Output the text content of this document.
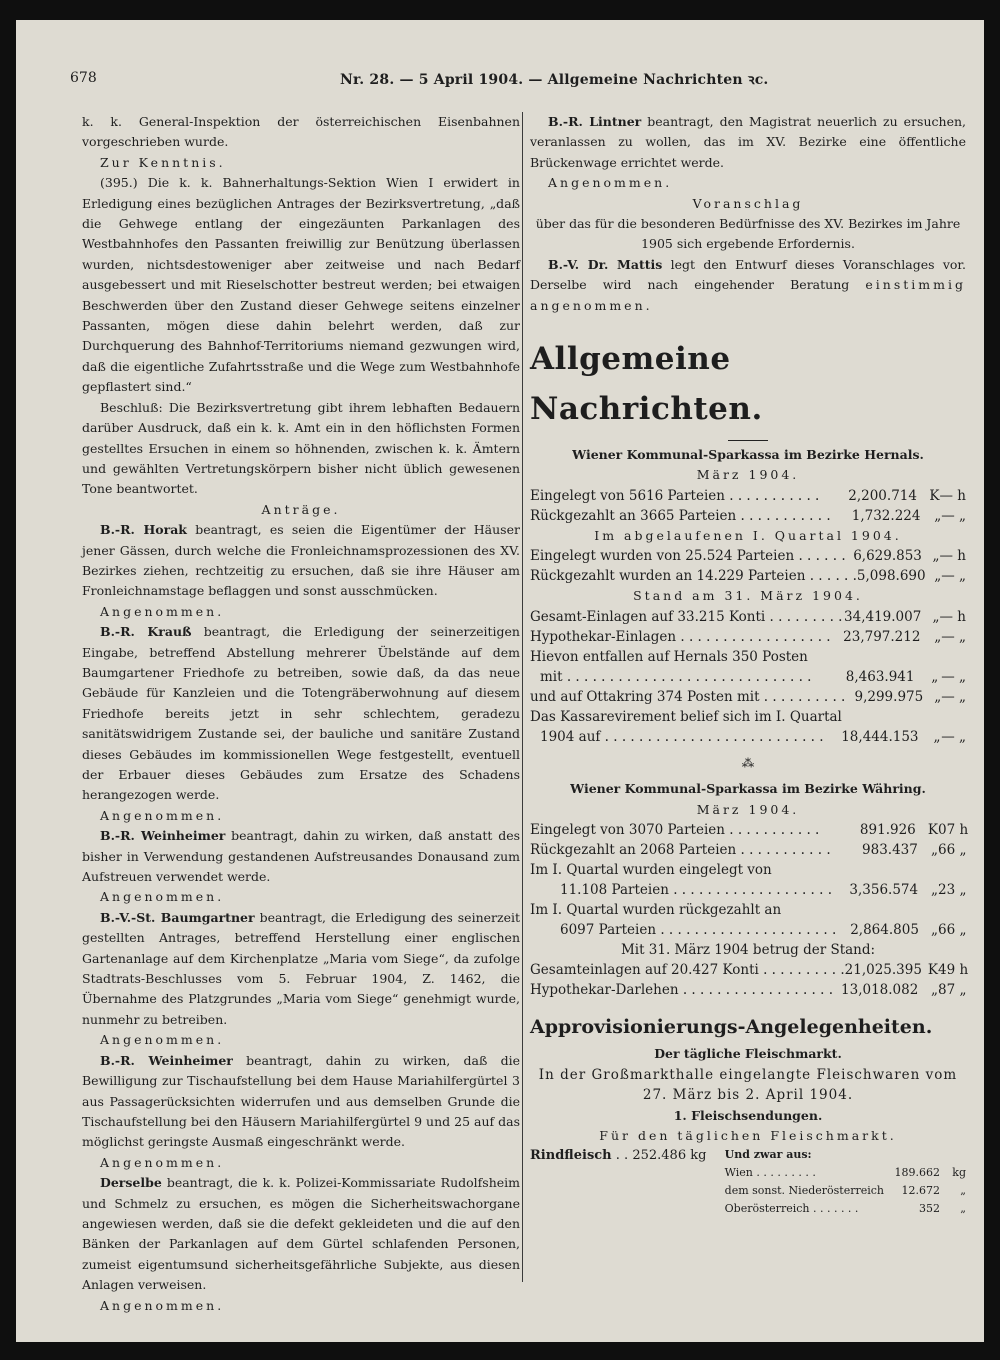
678	Nr. 28. — 5 April 1904. — Allgemeine Nachrichten ꝛc.

k. k. General-Inspektion der österreichischen Eisenbahnen vorgeschrieben wurde.

Zur Kenntnis.

(395.) Die k. k. Bahnerhaltungs-Sektion Wien I erwidert in Erledigung eines bezüglichen Antrages der Bezirksvertretung, „daß die Gehwege entlang der eingezäunten Parkanlagen des Westbahnhofes den Passanten freiwillig zur Benützung überlassen wurden, nichtsdestoweniger aber zeitweise und nach Bedarf ausgebessert und mit Rieselschotter bestreut werden; bei etwaigen Beschwerden über den Zustand dieser Gehwege seitens einzelner Passanten, mögen diese dahin belehrt werden, daß zur Durchquerung des Bahnhof-Territoriums niemand gezwungen wird, daß die eigentliche Zufahrtsstraße und die Wege zum Westbahnhofe gepflastert sind.“

Beschluß: Die Bezirksvertretung gibt ihrem lebhaften Bedauern darüber Ausdruck, daß ein k. k. Amt ein in den höflichsten Formen gestelltes Ersuchen in einem so höhnenden, zwischen k. k. Ämtern und gewählten Vertretungskörpern bisher nicht üblich gewesenen Tone beantwortet.

Anträge.

B.-R. Horak beantragt, es seien die Eigentümer der Häuser jener Gässen, durch welche die Fronleichnamsprozessionen des XV. Bezirkes ziehen, rechtzeitig zu ersuchen, daß sie ihre Häuser am Fronleichnamstage beflaggen und sonst ausschmücken.

Angenommen.

B.-R. Krauß beantragt, die Erledigung der seinerzeitigen Eingabe, betreffend Abstellung mehrerer Übelstände auf dem Baumgartener Friedhofe zu betreiben, sowie daß, da das neue Gebäude für Kanzleien und die Totengräberwohnung auf diesem Friedhofe bereits jetzt in sehr schlechtem, geradezu sanitätswidrigem Zustande sei, der bauliche und sanitäre Zustand dieses Gebäudes im kommissionellen Wege festgestellt, eventuell der Erbauer dieses Gebäudes zum Ersatze des Schadens herangezogen werde.

Angenommen.

B.-R. Weinheimer beantragt, dahin zu wirken, daß anstatt des bisher in Verwendung gestandenen Aufstreusandes Donausand zum Aufstreuen verwendet werde.

Angenommen.

B.-V.-St. Baumgartner beantragt, die Erledigung des seinerzeit gestellten Antrages, betreffend Herstellung einer englischen Gartenanlage auf dem Kirchenplatze „Maria vom Siege“, da zufolge Stadtrats-Beschlusses vom 5. Februar 1904, Z. 1462, die Übernahme des Platzgrundes „Maria vom Siege“ genehmigt wurde, nunmehr zu betreiben.

Angenommen.

B.-R. Weinheimer beantragt, dahin zu wirken, daß die Bewilligung zur Tischaufstellung bei dem Hause Mariahilfergürtel 3 aus Passagerücksichten widerrufen und aus demselben Grunde die Tischaufstellung bei den Häusern Mariahilfergürtel 9 und 25 auf das möglichst geringste Ausmaß eingeschränkt werde.

Angenommen.

Derselbe beantragt, die k. k. Polizei-Kommissariate Rudolfsheim und Schmelz zu ersuchen, es mögen die Sicherheitswachorgane angewiesen werden, daß sie die defekt gekleideten und die auf den Bänken der Parkanlagen auf dem Gürtel schlafenden Personen, zumeist eigentumsund sicherheitsgefährliche Subjekte, aus diesen Anlagen verweisen.

Angenommen.

B.-R. Lintner beantragt, den Magistrat neuerlich zu ersuchen, veranlassen zu wollen, das im XV. Bezirke eine öffentliche Brückenwage errichtet werde.

Angenommen.

Voranschlag

über das für die besonderen Bedürfnisse des XV. Bezirkes im Jahre 1905 sich ergebende Erfordernis.

B.-V. Dr. Mattis legt den Entwurf dieses Voranschlages vor. Derselbe wird nach eingehender Beratung einstimmig angenommen.

Allgemeine Nachrichten.

Wiener Kommunal-Sparkassa im Bezirke Hernals.

März 1904.

Eingelegt von 5616 Parteien . . . . . . . . . . .	2,200.714 K — h
Rückgezahlt an 3665 Parteien . . . . . . . . . . .	1,732.224	„ — „

Im abgelaufenen I. Quartal 1904.

Eingelegt wurden von 25.524 Parteien . . . . . . 6,629.853 „ — h
Rückgezahlt wurden an 14.229 Parteien . . . . . . 5,098.690 „ — „

Stand am 31. März 1904.

Gesamt-Einlagen auf 33.215 Konti . . . . . . . . . 34,419.007 „ — h
Hypothekar-Einlagen . . . . . . . . . . . . . . . . . . 23,797.212	„ — „
Hievon entfallen auf Hernals 350 Posten
mit . . . . . . . . . . . . . . . . . . . . . . . . . . . . .	8,463.941	„ — „
und auf Ottakring 374 Posten mit . . . . . . . . . . 9,299.975 „ — „
Das Kassarevirement belief sich im I. Quartal
1904 auf . . . . . . . . . . . . . . . . . . . . . . . . . .	18,444.153	„ — „

⁂

Wiener Kommunal-Sparkassa im Bezirke Währing.

März 1904.

Eingelegt von 3070 Parteien . . . . . . . . . . .	891.926 K 07 h
Rückgezahlt an 2068 Parteien . . . . . . . . . . .	983.437 „ 66 „
Im I. Quartal wurden eingelegt von
11.108 Parteien . . . . . . . . . . . . . . . . . . .	3,356.574 „ 23 „
Im I. Quartal wurden rückgezahlt an
6097 Parteien . . . . . . . . . . . . . . . . . . . . .	2,864.805 „ 66 „

Mit 31. März 1904 betrug der Stand:

Gesamteinlagen auf 20.427 Konti . . . . . . . . . . 21,025.395 K 49 h
Hypothekar-Darlehen . . . . . . . . . . . . . . . . . . 13,018.082 „ 87 „

Approvisionierungs-Angelegenheiten.

Der tägliche Fleischmarkt.

In der Großmarkthalle eingelangte Fleischwaren vom 27. März bis 2. April 1904.

1. Fleischsendungen.

Für den täglichen Fleischmarkt.

Rindfleisch . . 252.486 kg	Und zwar aus:
Wien . . . . . . . . .	189.662	kg
dem sonst. Niederösterreich	12.672	„
Oberösterreich . . . . . . .	352	„
